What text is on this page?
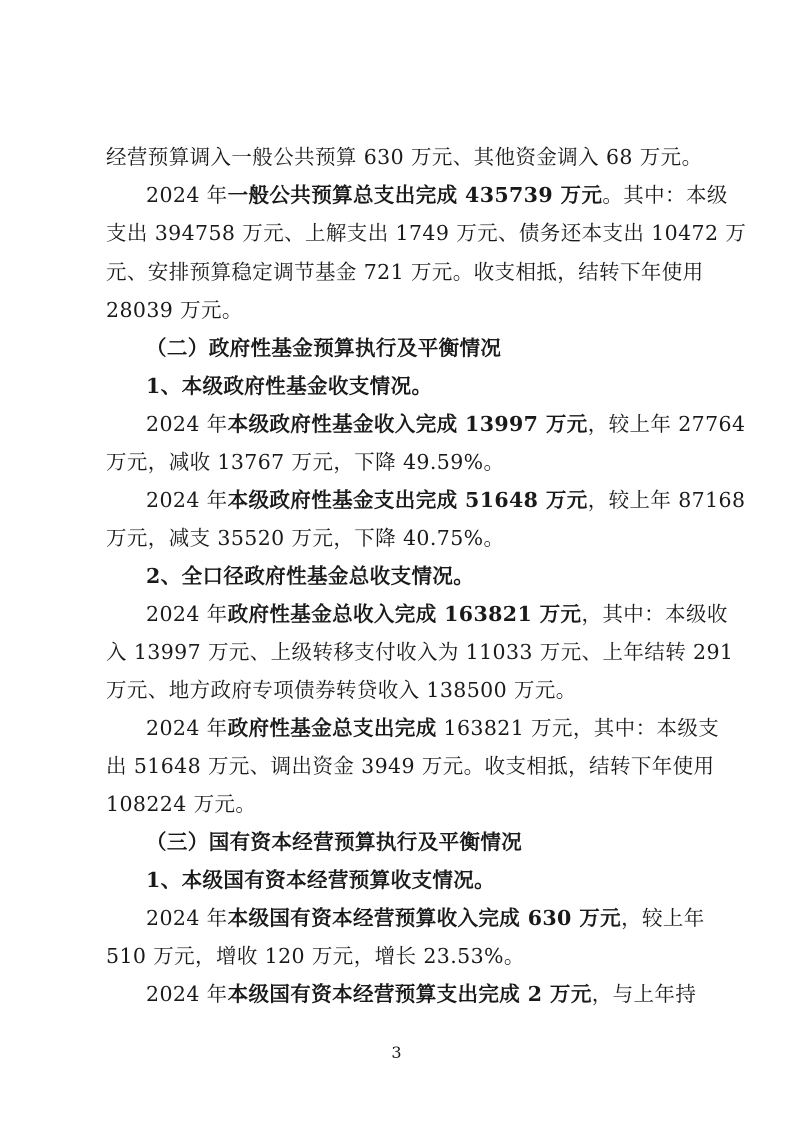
经营预算调入一般公共预算 630 万元、其他资金调入 68 万元。
2024 年一般公共预算总支出完成 435739 万元。其中：本级
支出 394758 万元、上解支出 1749 万元、债务还本支出 10472 万
元、安排预算稳定调节基金 721 万元。收支相抵，结转下年使用
28039 万元。
（二）政府性基金预算执行及平衡情况
1、本级政府性基金收支情况。
2024 年本级政府性基金收入完成 13997 万元，较上年 27764
万元，减收 13767 万元，下降 49.59%。
2024 年本级政府性基金支出完成 51648 万元，较上年 87168
万元，减支 35520 万元，下降 40.75%。
2、全口径政府性基金总收支情况。
2024 年政府性基金总收入完成 163821 万元，其中：本级收
入 13997 万元、上级转移支付收入为 11033 万元、上年结转 291
万元、地方政府专项债券转贷收入 138500 万元。
2024 年政府性基金总支出完成 163821 万元，其中：本级支
出 51648 万元、调出资金 3949 万元。收支相抵，结转下年使用
108224 万元。
（三）国有资本经营预算执行及平衡情况
1、本级国有资本经营预算收支情况。
2024 年本级国有资本经营预算收入完成 630 万元，较上年
510 万元，增收 120 万元，增长 23.53%。
2024 年本级国有资本经营预算支出完成 2 万元，与上年持
3
